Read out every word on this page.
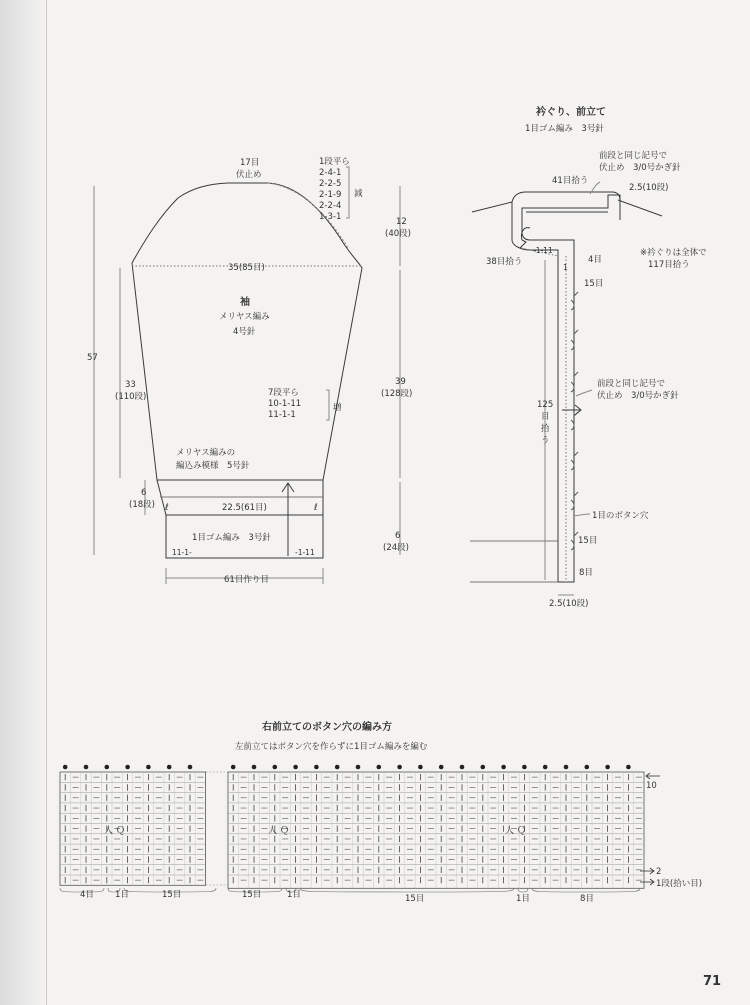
17目
伏止め
1段平ら
2-4-1
2-2-5
2-1-9
2-2-4
1-3-1
減
12
(40段)
35(85目)
袖
メリヤス編み
4号針
57
33
(110段)	7段平ら
10-1-11
11-1-1
増
39
(128段)
メリヤス編みの
編込み模様　5号針
6
(18段)	22.5(61目)
ℓ	ℓ
1目ゴム編み　3号針
11-1-	-1-11
6
(24段)
61目作り目
衿ぐり、前立て
1目ゴム編み　3号針
前段と同じ記号で
伏止め　3/0号かぎ針
41目拾う
2.5(10段)
-1-11
1
38目拾う	4目
※衿ぐりは全体で
117目拾う
15目
前段と同じ記号で
伏止め　3/0号かぎ針
125
目
拾
う
1目のボタン穴
15目
8目
2.5(10段)
右前立てのボタン穴の編み方
左前立てはボタン穴を作らずに1目ゴム編みを編む
10
2
1段(拾い目)
人 Ｑ	人 Ｑ	人 Ｑ
4目 1目	15目	15目	1目	15目	1目	8目
71
